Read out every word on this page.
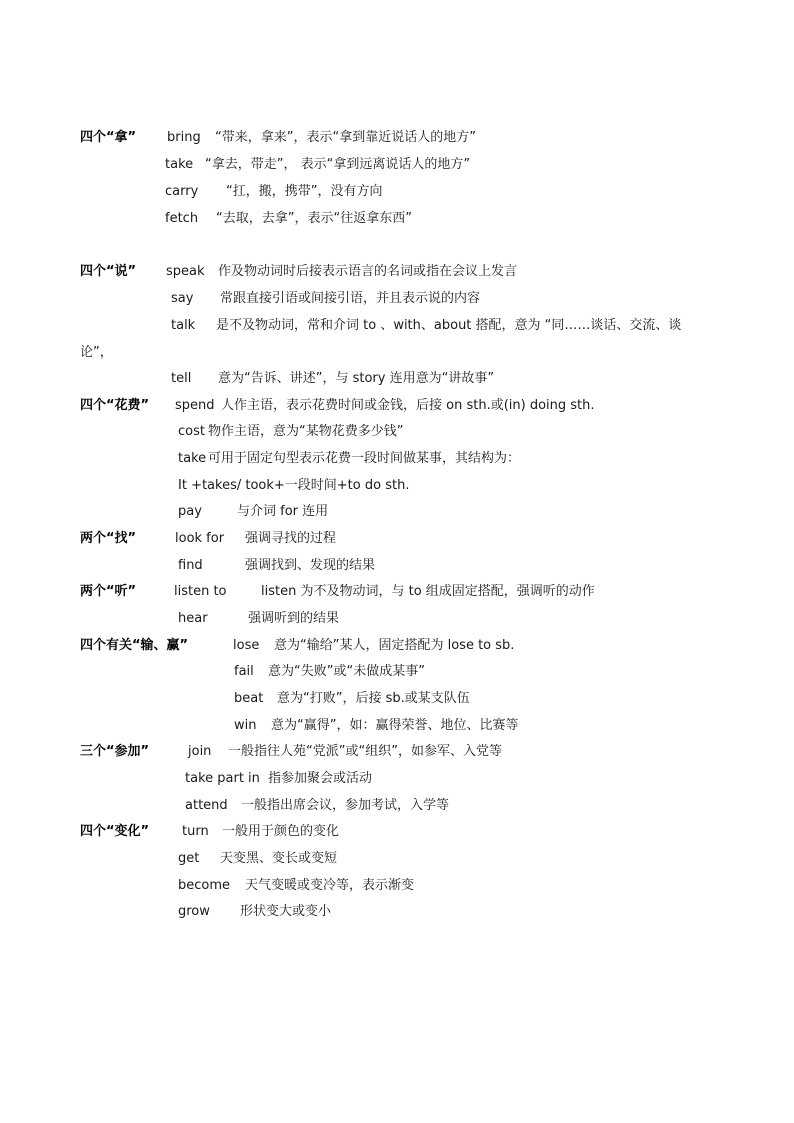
四个“拿” bring “带来，拿来”，表示“拿到靠近说话人的地方”
take “拿去，带走”， 表示“拿到远离说话人的地方”
carry “扛，搬，携带”，没有方向
fetch “去取，去拿”，表示“往返拿东西”
四个“说” speak 作及物动词时后接表示语言的名词或指在会议上发言
say 常跟直接引语或间接引语，并且表示说的内容
talk 是不及物动词，常和介词 to 、with、about 搭配，意为 “同……谈话、交流、谈
论”，
tell 意为“告诉、讲述”，与 story 连用意为“讲故事”
四个“花费” spend 人作主语，表示花费时间或金钱，后接 on sth.或(in) doing sth.
cost 物作主语，意为“某物花费多少钱”
take 可用于固定句型表示花费一段时间做某事，其结构为：
It +takes/ took+一段时间+to do sth.
pay	与介词 for 连用
两个“找”	look for 强调寻找的过程
find	强调找到、发现的结果
两个“听”	listen to	listen 为不及物动词，与 to 组成固定搭配，强调听的动作
hear	强调听到的结果
四个有关“输、赢”	lose 意为“输给”某人，固定搭配为 lose to sb.
fail 意为“失败”或“未做成某事”
beat 意为“打败”，后接 sb.或某支队伍
win 意为“赢得”，如：赢得荣誉、地位、比赛等
三个“参加”	join 一般指往人苑“党派”或“组织”，如参军、入党等
take part in 指参加聚会或活动
attend 一般指出席会议，参加考试，入学等
四个“变化”	turn 一般用于颜色的变化
get 天变黑、变长或变短
become 天气变暖或变冷等，表示渐变
grow 形状变大或变小
